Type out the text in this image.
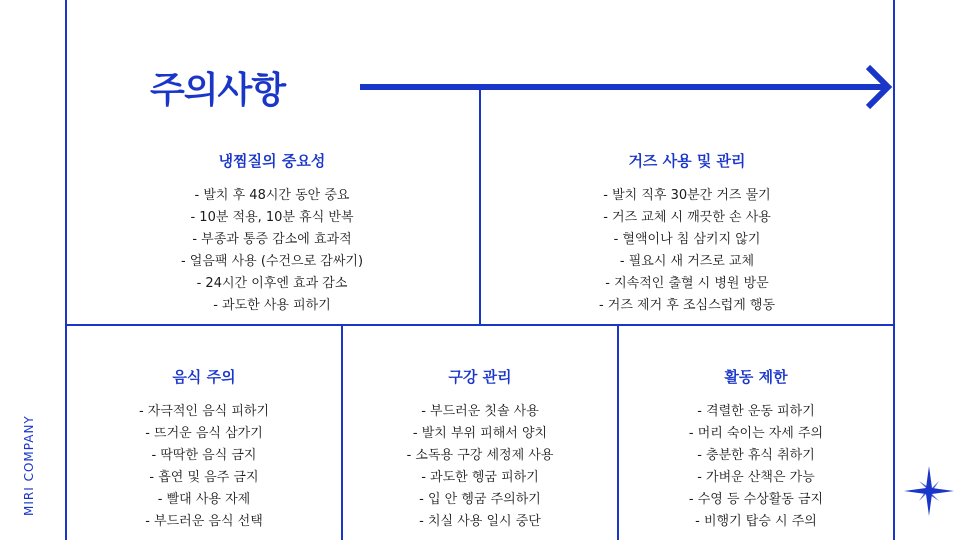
주의사항
냉찜질의 중요성
- 발치 후 48시간 동안 중요
- 10분 적용, 10분 휴식 반복
- 부종과 통증 감소에 효과적
- 얼음팩 사용 (수건으로 감싸기)
- 24시간 이후엔 효과 감소
- 과도한 사용 피하기
거즈 사용 및 관리
- 발치 직후 30분간 거즈 물기
- 거즈 교체 시 깨끗한 손 사용
- 혈액이나 침 삼키지 않기
- 필요시 새 거즈로 교체
- 지속적인 출혈 시 병원 방문
- 거즈 제거 후 조심스럽게 행동
음식 주의
- 자극적인 음식 피하기
- 뜨거운 음식 삼가기
- 딱딱한 음식 금지
- 흡연 및 음주 금지
- 빨대 사용 자제
- 부드러운 음식 선택
구강 관리
- 부드러운 칫솔 사용
- 발치 부위 피해서 양치
- 소독용 구강 세정제 사용
- 과도한 헹굼 피하기
- 입 안 헹굼 주의하기
- 치실 사용 일시 중단
활동 제한
- 격렬한 운동 피하기
- 머리 숙이는 자세 주의
- 충분한 휴식 취하기
- 가벼운 산책은 가능
- 수영 등 수상활동 금지
- 비행기 탑승 시 주의
MIRI COMPANY
